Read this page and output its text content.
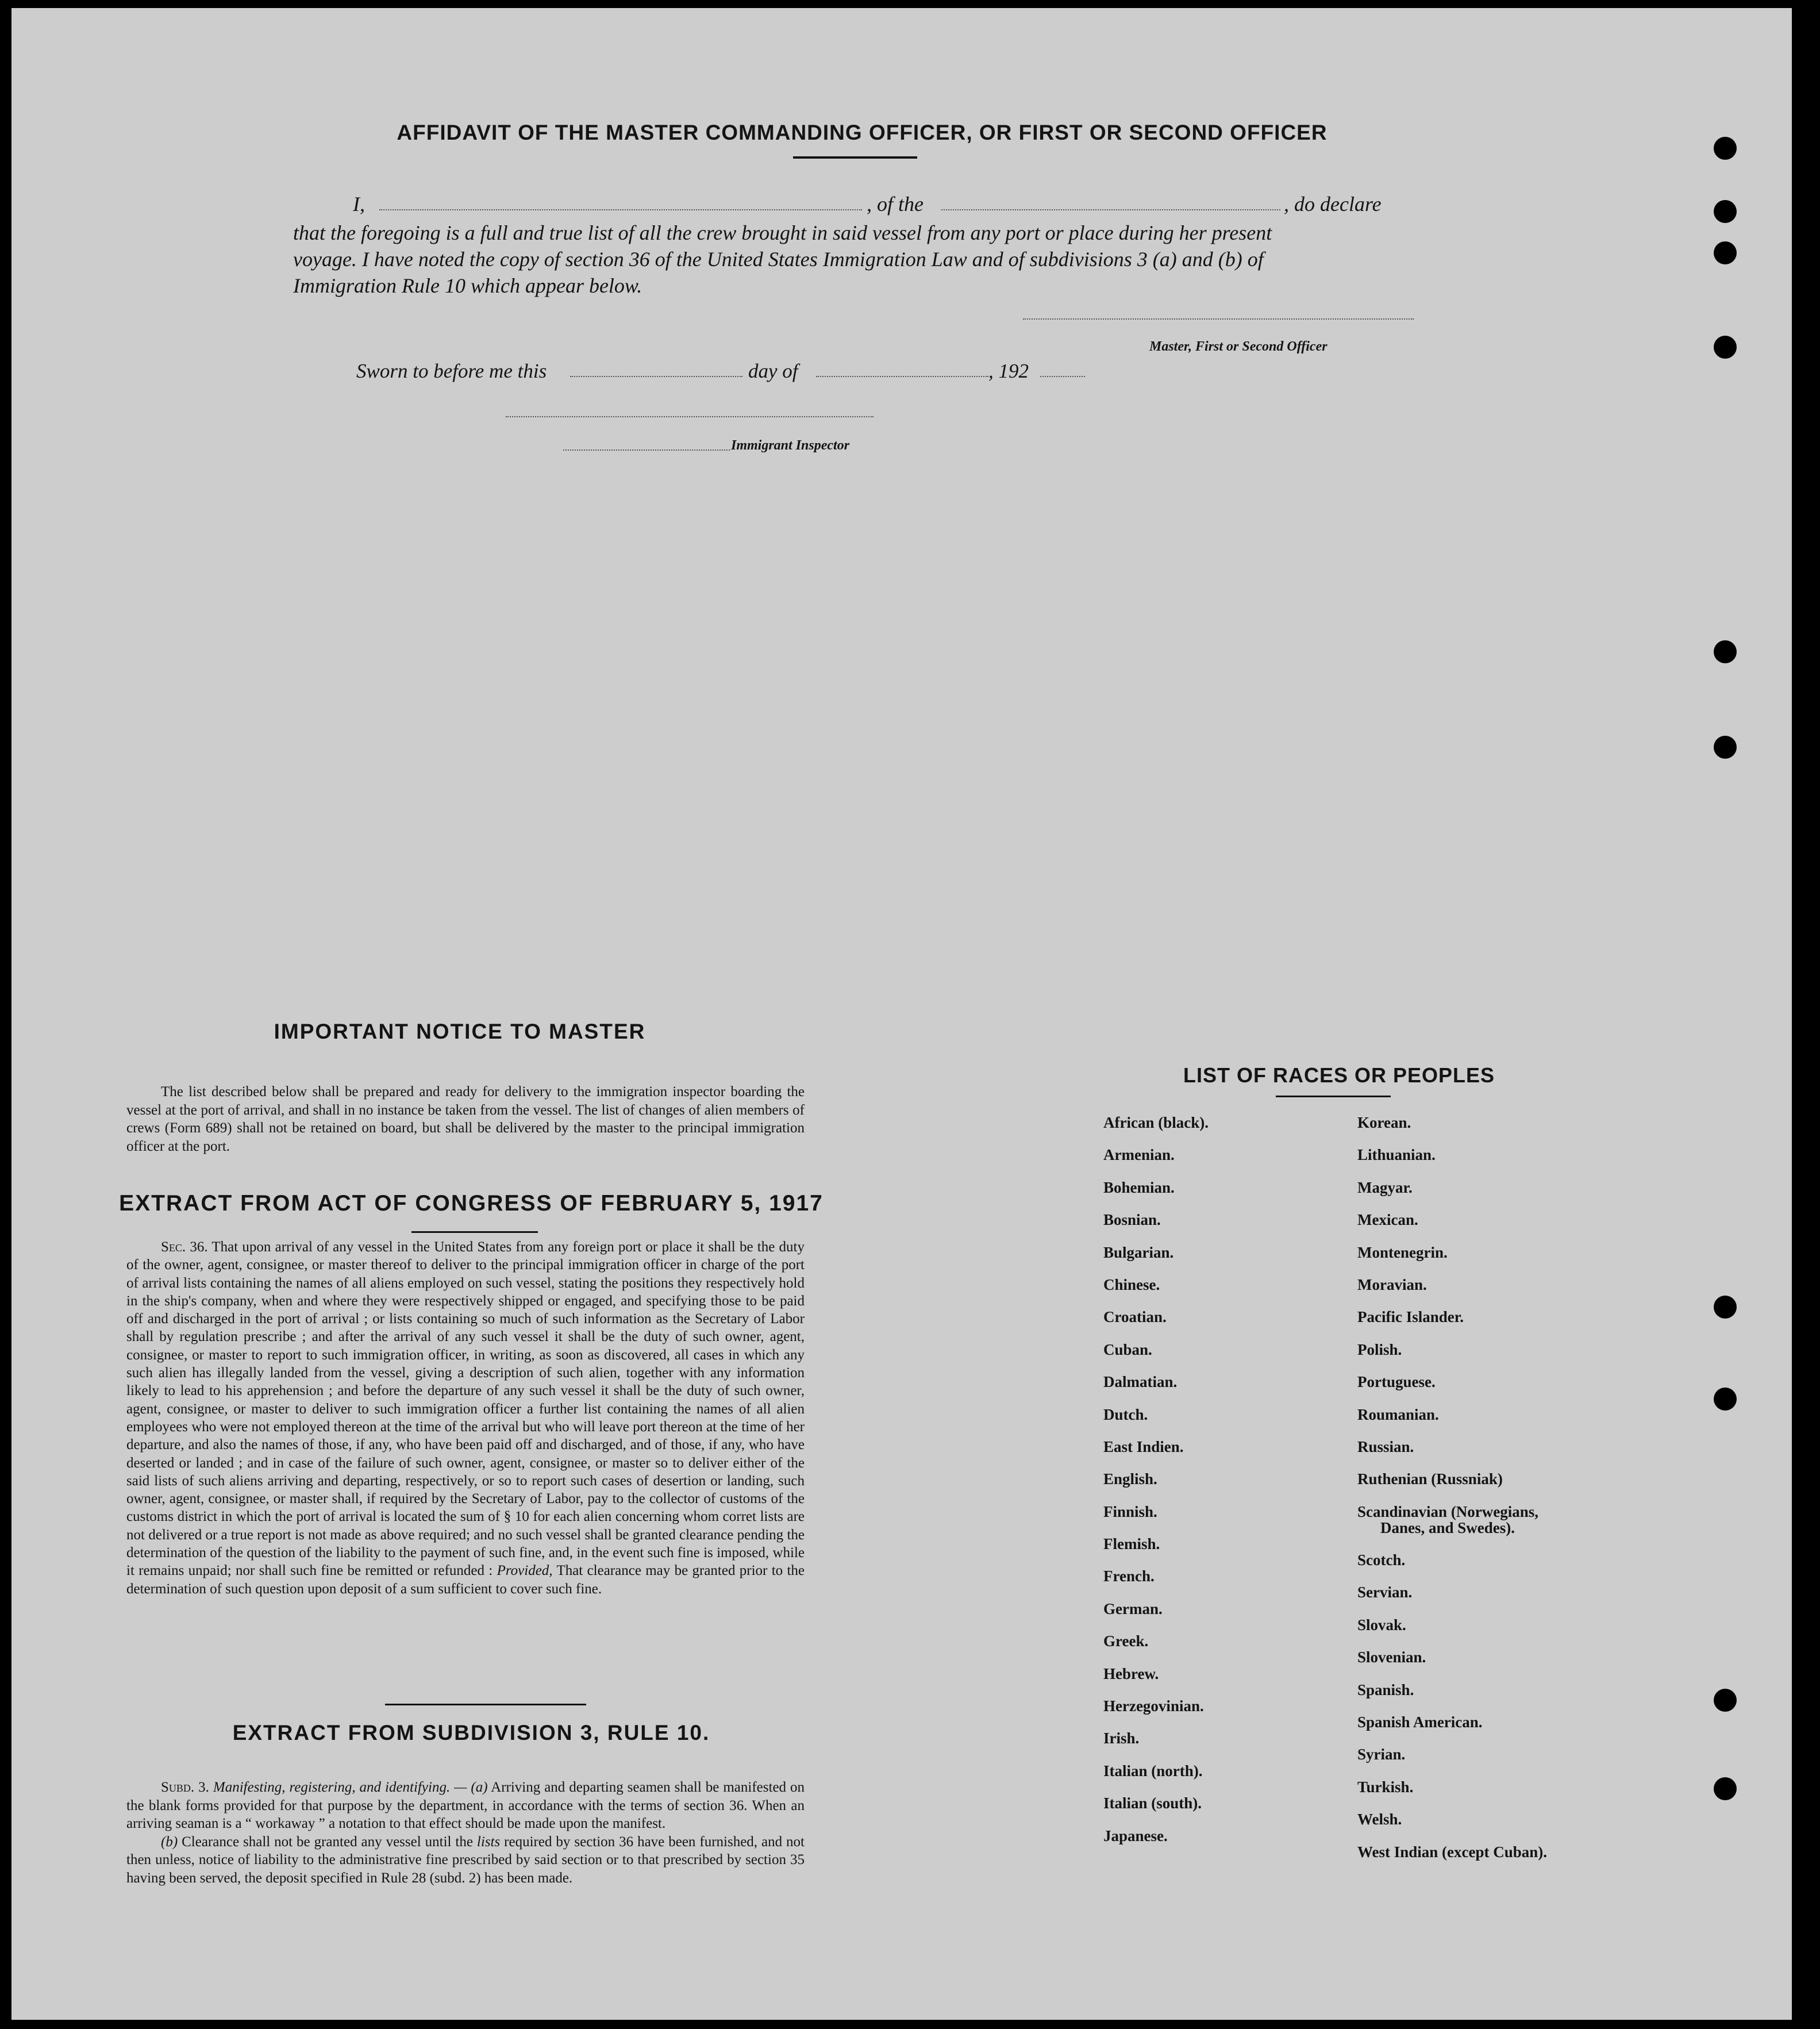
AFFIDAVIT OF THE MASTER COMMANDING OFFICER, OR FIRST OR SECOND OFFICER
I,	, of the	, do declare
that the foregoing is a full and true list of all the crew brought in said vessel from any port or place during her present
voyage. I have noted the copy of section 36 of the United States Immigration Law and of subdivisions 3 (a) and (b) of
Immigration Rule 10 which appear below.
Master, First or Second Officer
Sworn to before me this	day of	, 192
Immigrant Inspector
IMPORTANT NOTICE TO MASTER
The list described below shall be prepared and ready for delivery to the immigration inspector boarding the vessel at the port of arrival, and shall in no instance be taken from the vessel. The list of changes of alien members of crews (Form 689) shall not be retained on board, but shall be delivered by the master to the principal immigration officer at the port.
EXTRACT FROM ACT OF CONGRESS OF FEBRUARY 5, 1917
Sec. 36. That upon arrival of any vessel in the United States from any foreign port or place it shall be the duty of the owner, agent, consignee, or master thereof to deliver to the principal immigration officer in charge of the port of arrival lists containing the names of all aliens employed on such vessel, stating the positions they respectively hold in the ship's company, when and where they were respectively shipped or engaged, and specifying those to be paid off and discharged in the port of arrival ; or lists containing so much of such information as the Secretary of Labor shall by regulation prescribe ; and after the arrival of any such vessel it shall be the duty of such owner, agent, consignee, or master to report to such immigration officer, in writing, as soon as discovered, all cases in which any such alien has illegally landed from the vessel, giving a description of such alien, together with any information likely to lead to his apprehension ; and before the departure of any such vessel it shall be the duty of such owner, agent, consignee, or master to deliver to such immigration officer a further list containing the names of all alien employees who were not employed thereon at the time of the arrival but who will leave port thereon at the time of her departure, and also the names of those, if any, who have been paid off and discharged, and of those, if any, who have deserted or landed ; and in case of the failure of such owner, agent, consignee, or master so to deliver either of the said lists of such aliens arriving and departing, respectively, or so to report such cases of desertion or landing, such owner, agent, consignee, or master shall, if required by the Secretary of Labor, pay to the collector of customs of the customs district in which the port of arrival is located the sum of § 10 for each alien concerning whom corret lists are not delivered or a true report is not made as above required; and no such vessel shall be granted clearance pending the determination of the question of the liability to the payment of such fine, and, in the event such fine is imposed, while it remains unpaid; nor shall such fine be remitted or refunded : Provided, That clearance may be granted prior to the determination of such question upon deposit of a sum sufficient to cover such fine.
EXTRACT FROM SUBDIVISION 3, RULE 10.

Subd. 3. Manifesting, registering, and identifying. — (a) Arriving and departing seamen shall be manifested on the blank forms provided for that purpose by the department, in accordance with the terms of section 36. When an arriving seaman is a “ workaway ” a notation to that effect should be made upon the manifest.

(b) Clearance shall not be granted any vessel until the lists required by section 36 have been furnished, and not then unless, notice of liability to the administrative fine prescribed by said section or to that prescribed by section 35 having been served, the deposit specified in Rule 28 (subd. 2) has been made.

LIST OF RACES OR PEOPLES
African (black).
Armenian.
Bohemian.
Bosnian.
Bulgarian.
Chinese.
Croatian.
Cuban.
Dalmatian.
Dutch.
East Indien.
English.
Finnish.
Flemish.
French.
German.
Greek.
Hebrew.
Herzegovinian.
Irish.
Italian (north).
Italian (south).
Japanese.
Korean.
Lithuanian.
Magyar.
Mexican.
Montenegrin.
Moravian.
Pacific Islander.
Polish.
Portuguese.
Roumanian.
Russian.
Ruthenian (Russniak)
Scandinavian (Norwegians,
Danes, and Swedes).
Scotch.
Servian.
Slovak.
Slovenian.
Spanish.
Spanish American.
Syrian.
Turkish.
Welsh.
West Indian (except Cuban).
